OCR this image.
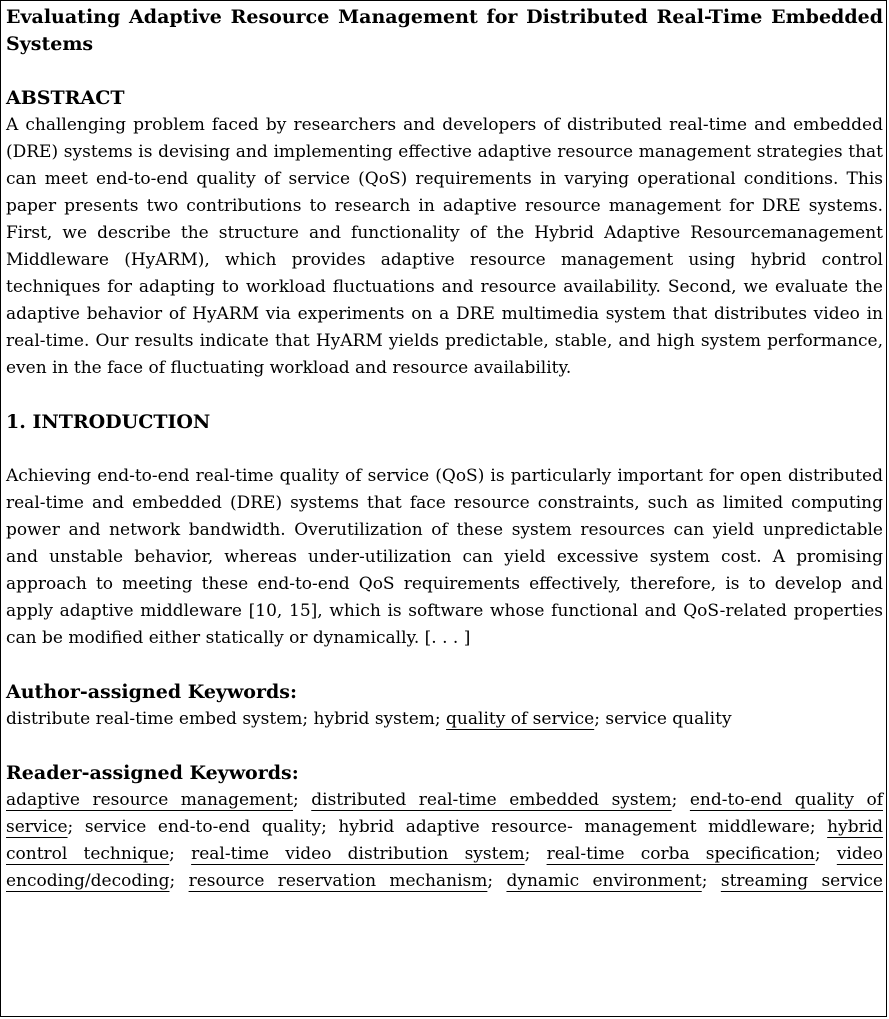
Evaluating Adaptive Resource Management for Distributed Real-Time Embedded Systems

ABSTRACT

A challenging problem faced by researchers and developers of distributed real-time and embedded (DRE) systems is devising and implementing effective adaptive resource management strategies that can meet end-to-end quality of service (QoS) requirements in varying operational conditions. This paper presents two contributions to research in adaptive resource management for DRE systems. First, we describe the structure and functionality of the Hybrid Adaptive Resourcemanagement Middleware (HyARM), which provides adaptive resource management using hybrid control techniques for adapting to workload fluctuations and resource availability. Second, we evaluate the adaptive behavior of HyARM via experiments on a DRE multimedia system that distributes video in real-time. Our results indicate that HyARM yields predictable, stable, and high system performance, even in the face of fluctuating workload and resource availability.

1. INTRODUCTION

Achieving end-to-end real-time quality of service (QoS) is particularly important for open distributed real-time and embedded (DRE) systems that face resource constraints, such as limited computing power and network bandwidth. Overutilization of these system resources can yield unpredictable and unstable behavior, whereas under-utilization can yield excessive system cost. A promising approach to meeting these end-to-end QoS requirements effectively, therefore, is to develop and apply adaptive middleware [10, 15], which is software whose functional and QoS-related properties can be modified either statically or dynamically. [. . . ]

Author-assigned Keywords:

distribute real-time embed system; hybrid system; quality of service; service quality

Reader-assigned Keywords:

adaptive resource management; distributed real-time embedded system; end-to-end quality of service; service end-to-end quality; hybrid adaptive resource- management middleware; hybrid control technique; real-time video distribution system; real-time corba specification; video encoding/decoding; resource reservation mechanism; dynamic environment; streaming service
